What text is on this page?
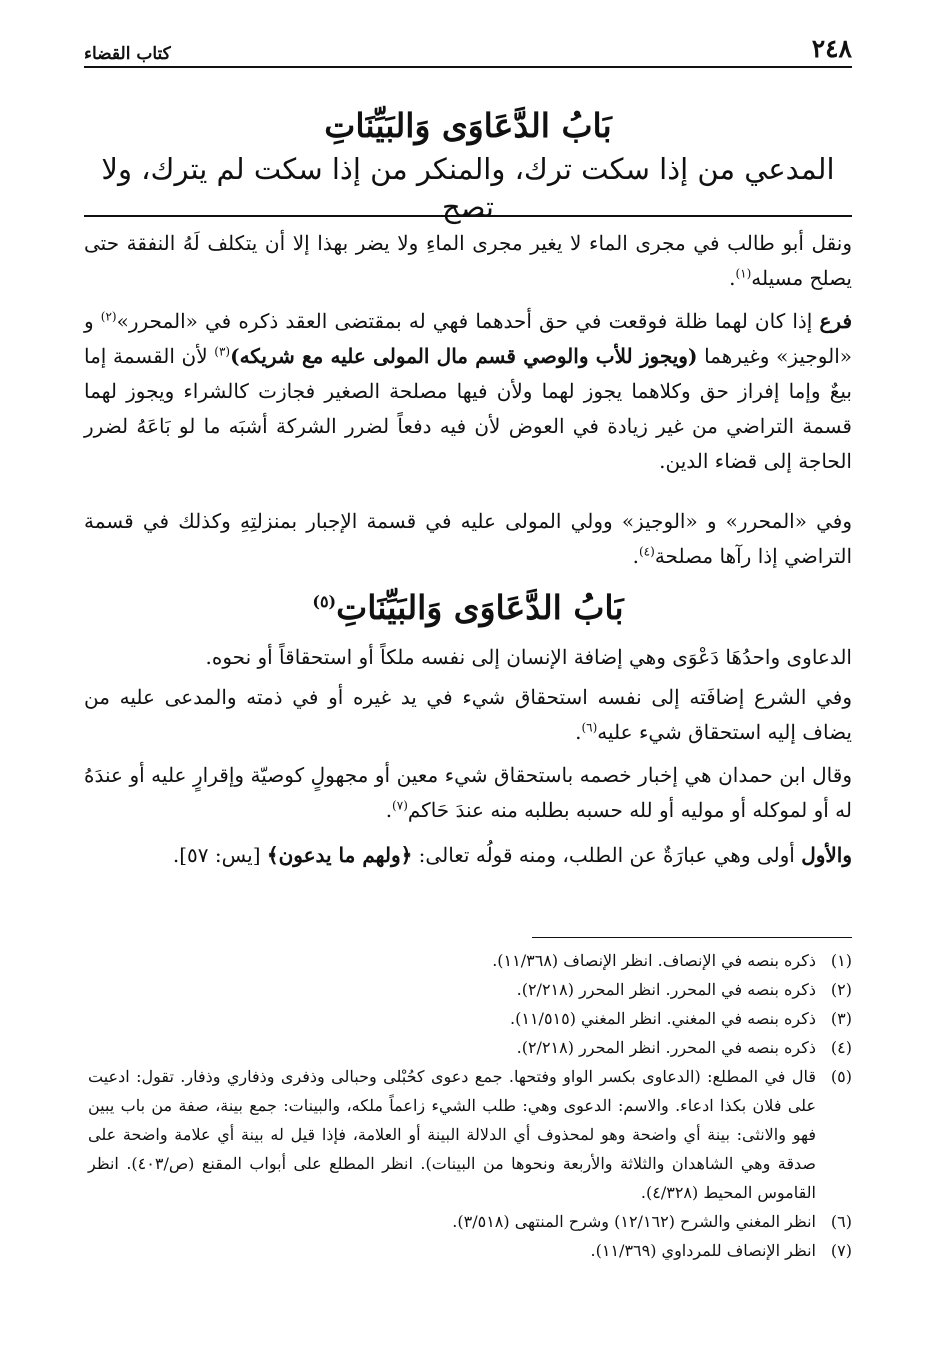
٢٤٨
كتاب القضاء
بَابُ الدَّعَاوَى وَالبَيِّنَاتِ
المدعي من إذا سكت ترك، والمنكر من إذا سكت لم يترك، ولا تصح

ونقل أبو طالب في مجرى الماء لا يغير مجرى الماءِ ولا يضر بهذا إلا أن يتكلف لَهُ النفقة حتى يصلح مسيله$^{(١)}$.

فرع إذا كان لهما ظلة فوقعت في حق أحدهما فهي له بمقتضى العقد ذكره في «المحرر»$^{(٢)}$ و «الوجيز» وغيرهما (ويجوز للأب والوصي قسم مال المولى عليه مع شريكه)$^{(٣)}$ لأن القسمة إما بيعٌ وإما إفراز حق وكلاهما يجوز لهما ولأن فيها مصلحة الصغير فجازت كالشراء ويجوز لهما قسمة التراضي من غير زيادة في العوض لأن فيه دفعاً لضرر الشركة أشبَه ما لو بَاعَهُ لضرر الحاجة إلى قضاء الدين.

وفي «المحرر» و «الوجيز» وولي المولى عليه في قسمة الإجبار بمنزلتِهِ وكذلك في قسمة التراضي إذا رآها مصلحة$^{(٤)}$.

بَابُ الدَّعَاوَى وَالبَيِّنَاتِ$^{(٥)}$

الدعاوى واحدُهَا دَعْوَى وهي إضافة الإنسان إلى نفسه ملكاً أو استحقاقاً أو نحوه.

وفي الشرع إضافَته إلى نفسه استحقاق شيء في يد غيره أو في ذمته والمدعى عليه من يضاف إليه استحقاق شيء عليه$^{(٦)}$.

وقال ابن حمدان هي إخبار خصمه باستحقاق شيء معين أو مجهولٍ كوصيّة وإقرارٍ عليه أو عندَهُ له أو لموكله أو موليه أو لله حسبه بطلبه منه عندَ حَاكم$^{(٧)}$.

والأول أولى وهي عبارَةٌ عن الطلب، ومنه قولُه تعالى: ﴿ولهم ما يدعون﴾ [يس: ٥٧].

(١)
ذكره بنصه في الإنصاف. انظر الإنصاف (١١/٣٦٨).
(٢)
ذكره بنصه في المحرر. انظر المحرر (٢/٢١٨).
(٣)
ذكره بنصه في المغني. انظر المغني (١١/٥١٥).
(٤)
ذكره بنصه في المحرر. انظر المحرر (٢/٢١٨).
(٥)
قال في المطلع: (الدعاوى بكسر الواو وفتحها. جمع دعوى كحُبْلى وحبالى وذفرى وذفاري وذفار. تقول: ادعيت على فلان بكذا ادعاء. والاسم: الدعوى وهي: طلب الشيء زاعماً ملكه، والبينات: جمع بينة، صفة من باب يبين فهو والانثى: بينة أي واضحة وهو لمحذوف أي الدلالة البينة أو العلامة، فإذا قيل له بينة أي علامة واضحة على صدقة وهي الشاهدان والثلاثة والأربعة ونحوها من البينات). انظر المطلع على أبواب المقنع (ص/٤٠٣). انظر القاموس المحيط (٤/٣٢٨).
(٦)
انظر المغني والشرح (١٢/١٦٢) وشرح المنتهى (٣/٥١٨).
(٧)
انظر الإنصاف للمرداوي (١١/٣٦٩).
